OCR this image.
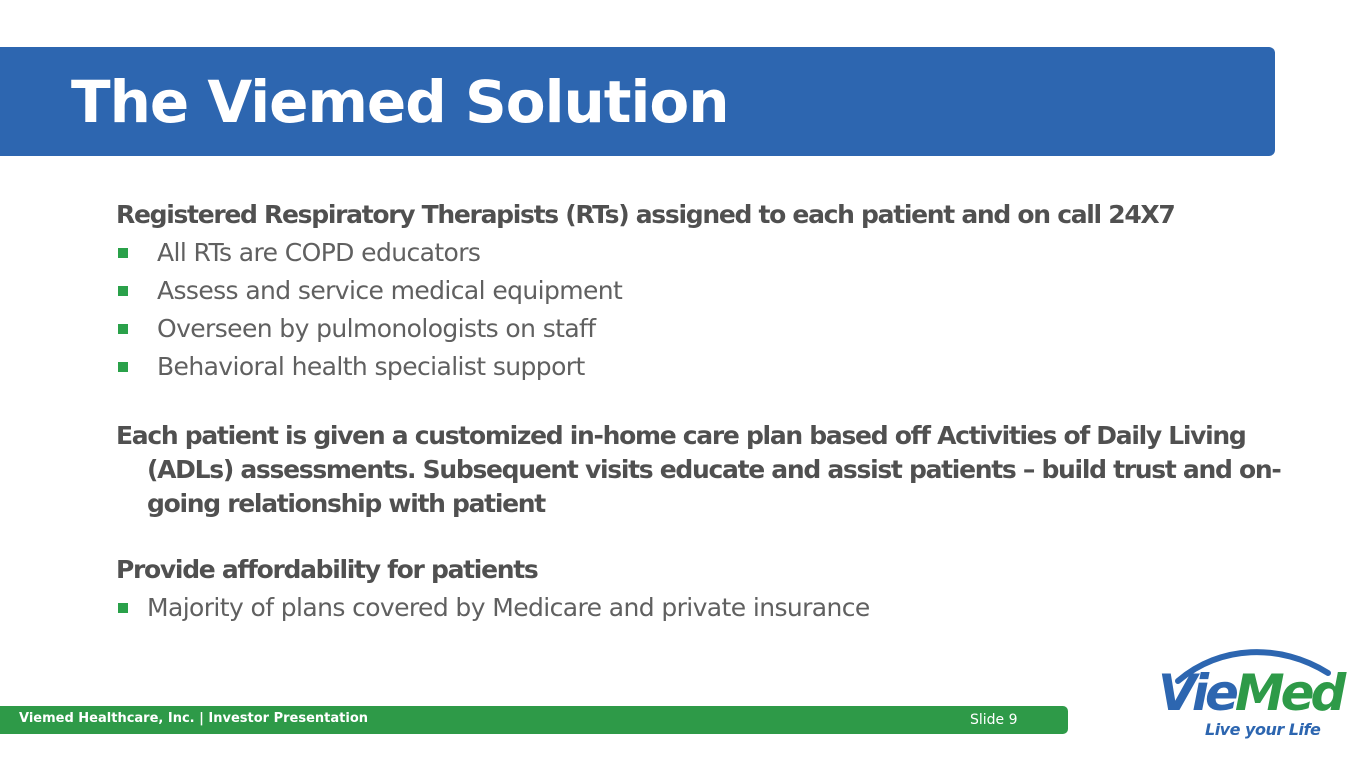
The Viemed Solution

Registered Respiratory Therapists (RTs) assigned to each patient and on call 24X7

All RTs are COPD educators
Assess and service medical equipment
Overseen by pulmonologists on staff
Behavioral health specialist support

Each patient is given a customized in-home care plan based off Activities of Daily Living (ADLs) assessments. Subsequent visits educate and assist patients – build trust and on-going relationship with patient

Provide affordability for patients

Majority of plans covered by Medicare and private insurance
Viemed Healthcare, Inc. | Investor Presentation	Slide 9	VieMed
Live your Life
